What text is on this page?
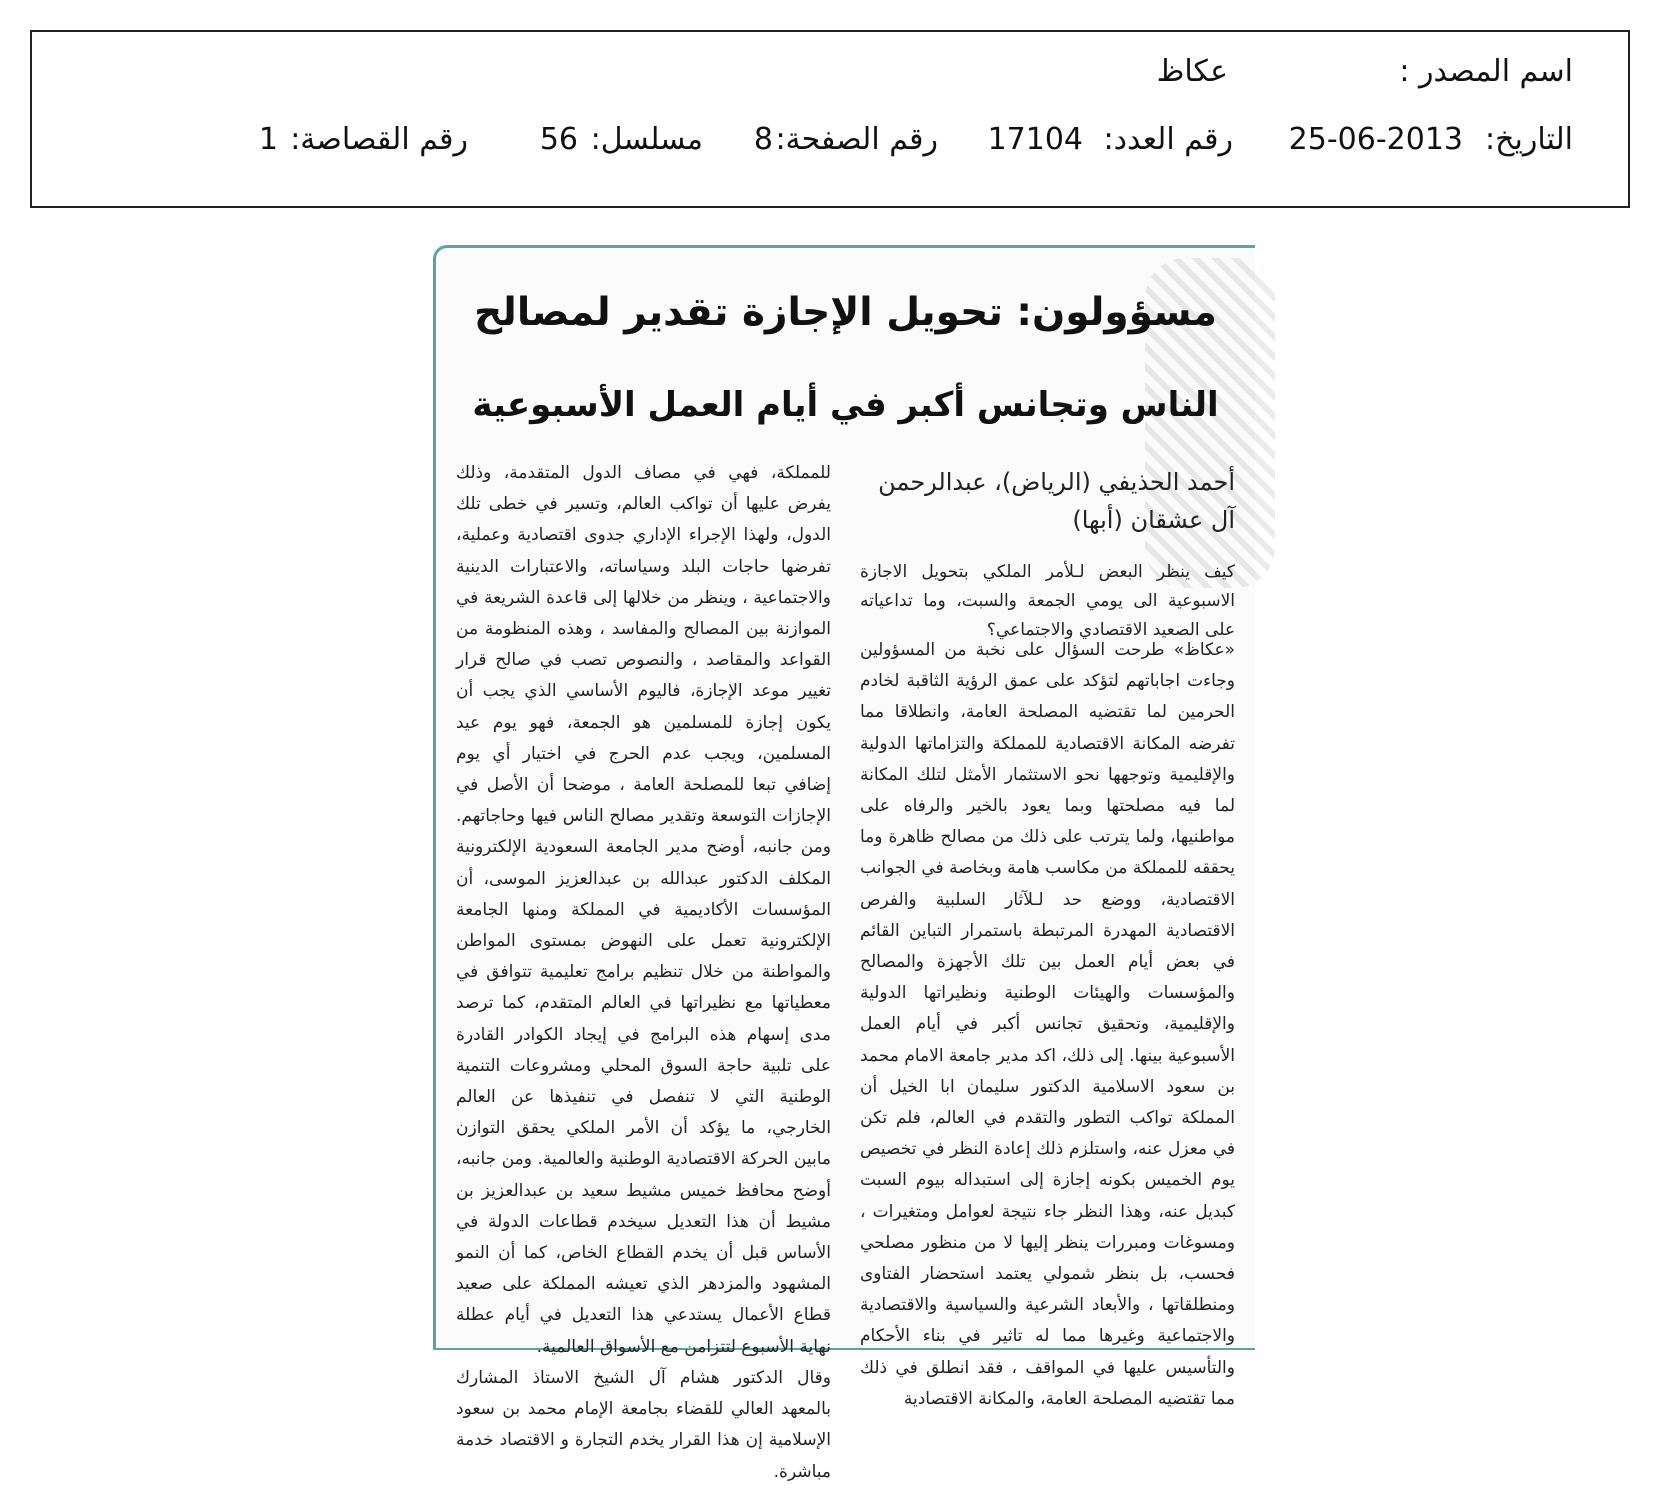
اسم المصدر :
عكاظ
التاريخ:
25-06-2013
رقم العدد:
17104
رقم الصفحة:
8
مسلسل:
56
رقم القصاصة:
1
مسؤولون: تحويل الإجازة تقدير لمصالح
الناس وتجانس أكبر في أيام العمل الأسبوعية
أحمد الحذيفي (الرياض)، عبدالرحمن آل عشقان (أبها)
كيف ينظر البعض لـلأمر الملكي بتحويل الاجازة الاسبوعية الى يومي الجمعة والسبت، وما تداعياته على الصعيد الاقتصادي والاجتماعي؟

«عكاظ» طرحت السؤال على نخبة من المسؤولين وجاءت اجاباتهم لتؤكد على عمق الرؤية الثاقبة لخادم الحرمين لما تقتضيه المصلحة العامة، وانطلاقا مما تفرضه المكانة الاقتصادية للمملكة والتزاماتها الدولية والإقليمية وتوجهها نحو الاستثمار الأمثل لتلك المكانة لما فيه مصلحتها وبما يعود بالخير والرفاه على مواطنيها، ولما يترتب على ذلك من مصالح ظاهرة وما يحققه للمملكة من مكاسب هامة وبخاصة في الجوانب الاقتصادية، ووضع حد لـلآثار السلبية والفرص الاقتصادية المهدرة المرتبطة باستمرار التباين القائم في بعض أيام العمل بين تلك الأجهزة والمصالح والمؤسسات والهيئات الوطنية ونظيراتها الدولية والإقليمية، وتحقيق تجانس أكبر في أيام العمل الأسبوعية بينها. إلى ذلك، اكد مدير جامعة الامام محمد بن سعود الاسلامية الدكتور سليمان ابا الخيل أن المملكة تواكب التطور والتقدم في العالم، فلم تكن في معزل عنه، واستلزم ذلك إعادة النظر في تخصيص يوم الخميس بكونه إجازة إلى استبداله بيوم السبت كبديل عنه، وهذا النظر جاء نتيجة لعوامل ومتغيرات ، ومسوغات ومبررات ينظر إليها لا من منظور مصلحي فحسب، بل بنظر شمولي يعتمد استحضار الفتاوى ومنطلقاتها ، والأبعاد الشرعية والسياسية والاقتصادية والاجتماعية وغيرها مما له تاثير في بناء الأحكام والتأسيس عليها في المواقف ، فقد انطلق في ذلك مما تقتضيه المصلحة العامة، والمكانة الاقتصادية

للمملكة، فهي في مصاف الدول المتقدمة، وذلك يفرض عليها أن تواكب العالم، وتسير في خطى تلك الدول، ولهذا الإجراء الإداري جدوى اقتصادية وعملية، تفرضها حاجات البلد وسياساته، والاعتبارات الدينية والاجتماعية ، وينظر من خلالها إلى قاعدة الشريعة في الموازنة بين المصالح والمفاسد ، وهذه المنظومة من القواعد والمقاصد ، والنصوص تصب في صالح قرار تغيير موعد الإجازة، فاليوم الأساسي الذي يجب أن يكون إجازة للمسلمين هو الجمعة، فهو يوم عيد المسلمين، ويجب عدم الحرج في اختيار أي يوم إضافي تبعا للمصلحة العامة ، موضحا أن الأصل في الإجازات التوسعة وتقدير مصالح الناس فيها وحاجاتهم. ومن جانبه، أوضح مدير الجامعة السعودية الإلكترونية المكلف الدكتور عبدالله بن عبدالعزيز الموسى، أن المؤسسات الأكاديمية في المملكة ومنها الجامعة الإلكترونية تعمل على النهوض بمستوى المواطن والمواطنة من خلال تنظيم برامج تعليمية تتوافق في معطياتها مع نظيراتها في العالم المتقدم، كما ترصد مدى إسهام هذه البرامج في إيجاد الكوادر القادرة على تلبية حاجة السوق المحلي ومشروعات التنمية الوطنية التي لا تنفصل في تنفيذها عن العالم الخارجي، ما يؤكد أن الأمر الملكي يحقق التوازن مابين الحركة الاقتصادية الوطنية والعالمية. ومن جانبه، أوضح محافظ خميس مشيط سعيد بن عبدالعزيز بن مشيط أن هذا التعديل سيخدم قطاعات الدولة في الأساس قبل أن يخدم القطاع الخاص، كما أن النمو المشهود والمزدهر الذي تعيشه المملكة على صعيد قطاع الأعمال يستدعي هذا التعديل في أيام عطلة نهاية الأسبوع لتتزامن مع الأسواق العالمية.

وقال الدكتور هشام آل الشيخ الاستاذ المشارك بالمعهد العالي للقضاء بجامعة الإمام محمد بن سعود الإسلامية إن هذا القرار يخدم التجارة و الاقتصاد خدمة مباشرة.
